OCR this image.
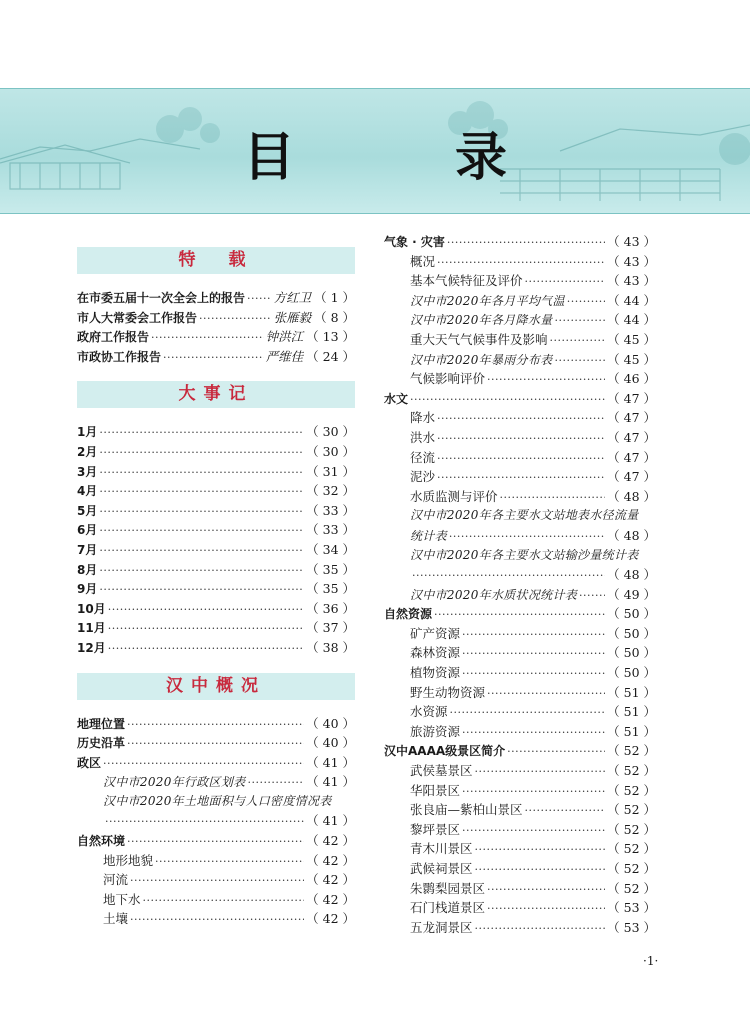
目　录
特　载
在市委五届十一次全会上的报告 ····· 方红卫 （ 1 ）
市人大常委会工作报告 ·····	张雁毅 （ 8 ）
政府工作报告 ·····	钟洪江 （ 13 ）
市政协工作报告 ·····	严维佳 （ 24 ）
大事记
1月 ·····	（ 30 ）
2月 ·····	（ 30 ）
3月 ·····	（ 31 ）
4月 ·····	（ 32 ）
5月 ·····	（ 33 ）
6月 ·····	（ 33 ）
7月 ·····	（ 34 ）
8月 ·····	（ 35 ）
9月 ·····	（ 35 ）
10月 ·····	（ 36 ）
11月 ·····	（ 37 ）
12月 ·····	（ 38 ）
汉中概况
地理位置 ·····	（ 40 ）
历史沿革 ·····	（ 40 ）
政区 ·····	（ 41 ）
汉中市2020年行政区划表 ·····	（ 41 ）
汉中市2020年土地面积与人口密度情况表
·····
（ 41 ）
自然环境 ·····	（ 42 ）
地形地貌 ·····	（ 42 ）
河流 ·····	（ 42 ）
地下水 ·····	（ 42 ）
土壤 ·····	（ 42 ）
气象 · 灾害 ·····	（ 43 ）
概况 ·····	（ 43 ）
基本气候特征及评价 ·····	（ 43 ）
汉中市2020年各月平均气温 ·····	（ 44 ）
汉中市2020年各月降水量 ·····	（ 44 ）
重大天气气候事件及影响 ·····	（ 45 ）
汉中市2020年暴雨分布表 ·····	（ 45 ）
气候影响评价 ·····	（ 46 ）
水文 ·····	（ 47 ）
降水 ·····	（ 47 ）
洪水 ·····	（ 47 ）
径流 ·····	（ 47 ）
泥沙 ·····	（ 47 ）
水质监测与评价 ·····	（ 48 ）
汉中市2020年各主要水文站地表水径流量
统计表 ·····	（ 48 ）
汉中市2020年各主要水文站输沙量统计表
·····
（ 48 ）
汉中市2020年水质状况统计表 ····· （ 49 ）
自然资源 ·····	（ 50 ）
矿产资源 ·····	（ 50 ）
森林资源 ·····	（ 50 ）
植物资源 ·····	（ 50 ）
野生动物资源 ·····	（ 51 ）
水资源 ·····	（ 51 ）
旅游资源 ·····	（ 51 ）
汉中AAAA级景区简介 ·····	（ 52 ）
武侯墓景区 ·····	（ 52 ）
华阳景区 ·····	（ 52 ）
张良庙—紫柏山景区 ·····	（ 52 ）
黎坪景区 ·····	（ 52 ）
青木川景区 ·····	（ 52 ）
武候祠景区 ·····	（ 52 ）
朱鹮梨园景区 ·····	（ 52 ）
石门栈道景区 ·····	（ 53 ）
五龙洞景区 ·····	（ 53 ）
·1·
